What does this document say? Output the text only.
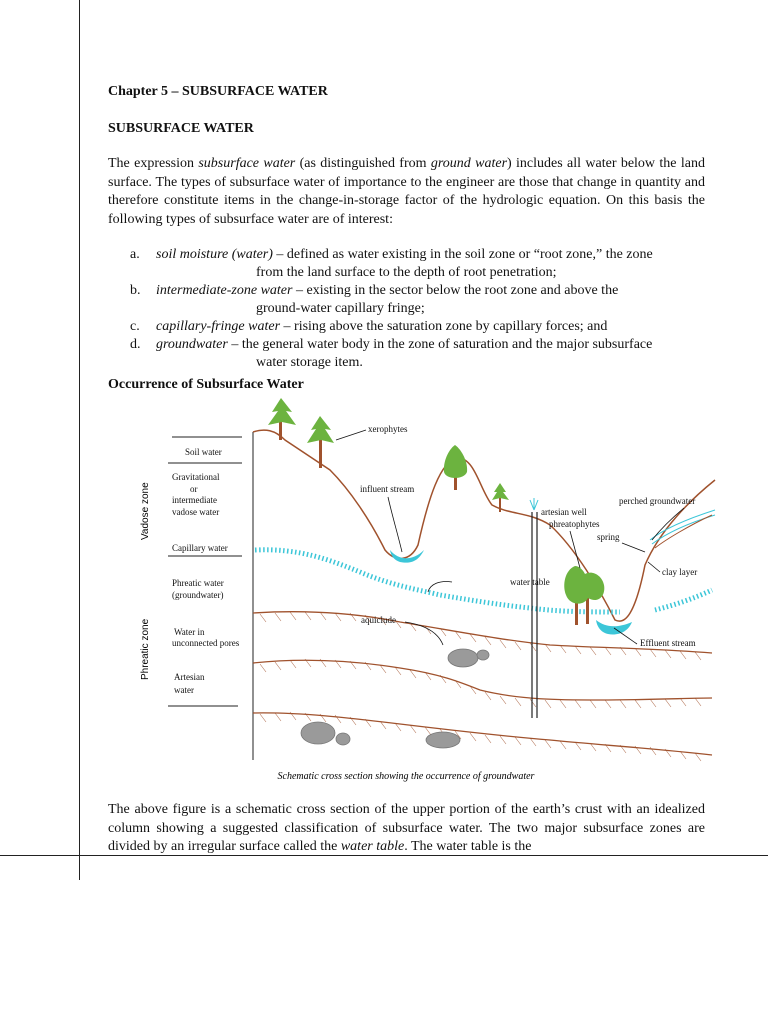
Chapter 5 – SUBSURFACE WATER
SUBSURFACE WATER

The expression subsurface water (as distinguished from ground water) includes all water below the land surface. The types of subsurface water of importance to the engineer are those that change in quantity and therefore constitute items in the change-in-storage factor of the hydrologic equation. On this basis the following types of subsurface water are of interest:

a. soil moisture (water) – defined as water existing in the soil zone or “root zone,” the zone
from the land surface to the depth of root penetration;

b. intermediate-zone water – existing in the sector below the root zone and above the
ground-water capillary fringe;

c. capillary-fringe water – rising above the saturation zone by capillary forces; and

d. groundwater – the general water body in the zone of saturation and the major subsurface
water storage item.

Occurrence of Subsurface Water
Vadose zone
Phreatic zone
Soil water
Gravitational
or
intermediate
vadose water
Capillary water
Phreatic water
(groundwater)
Water in
unconnected pores
Artesian
water
xerophytes
influent stream
artesian well
phreatophytes
perched groundwater
spring
clay layer
water table
aquiclude
Effluent stream
Schematic cross section showing the occurrence of groundwater

The above figure is a schematic cross section of the upper portion of the earth’s crust with an idealized column showing a suggested classification of subsurface water. The two major subsurface zones are divided by an irregular surface called the water table. The water table is the
